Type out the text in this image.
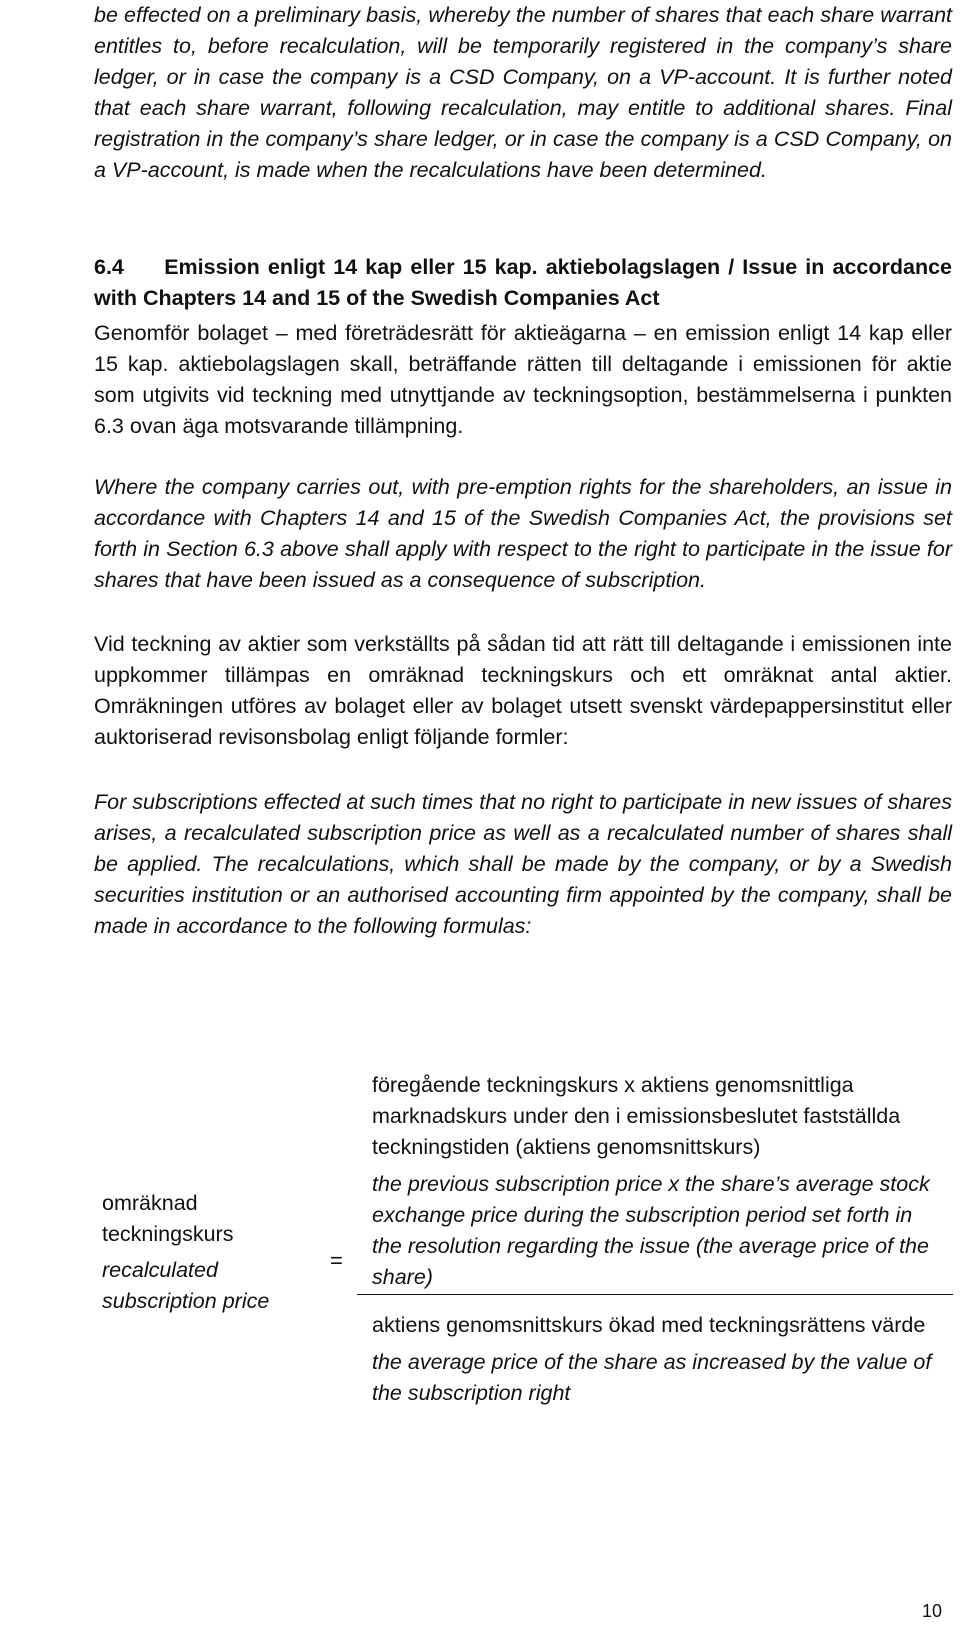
be effected on a preliminary basis, whereby the number of shares that each share warrant entitles to, before recalculation, will be temporarily registered in the company’s share ledger, or in case the company is a CSD Company, on a VP-account. It is further noted that each share warrant, following recalculation, may entitle to additional shares. Final registration in the company’s share ledger, or in case the company is a CSD Company, on a VP-account, is made when the recalculations have been determined.

6.4 Emission enligt 14 kap eller 15 kap. aktiebolagslagen / Issue in accordance with Chapters 14 and 15 of the Swedish Companies Act

Genomför bolaget – med företrädesrätt för aktieägarna – en emission enligt 14 kap eller 15 kap. aktiebolagslagen skall, beträffande rätten till deltagande i emissionen för aktie som utgivits vid teckning med utnyttjande av teckningsoption, bestämmelserna i punkten 6.3 ovan äga motsvarande tillämpning.

Where the company carries out, with pre-emption rights for the shareholders, an issue in accordance with Chapters 14 and 15 of the Swedish Companies Act, the provisions set forth in Section 6.3 above shall apply with respect to the right to participate in the issue for shares that have been issued as a consequence of subscription.

Vid teckning av aktier som verkställts på sådan tid att rätt till deltagande i emissionen inte uppkommer tillämpas en omräknad teckningskurs och ett omräknat antal aktier. Omräkningen utföres av bolaget eller av bolaget utsett svenskt värdepappersinstitut eller auktoriserad revisonsbolag enligt följande formler:

For subscriptions effected at such times that no right to participate in new issues of shares arises, a recalculated subscription price as well as a recalculated number of shares shall be applied. The recalculations, which shall be made by the company, or by a Swedish securities institution or an authorised accounting firm appointed by the company, shall be made in accordance to the following formulas:

omräknad teckningskurs
recalculated subscription price
=
föregående teckningskurs x aktiens genomsnittliga marknadskurs under den i emissionsbeslutet fastställda teckningstiden (aktiens genomsnittskurs)
the previous subscription price x the share’s average stock exchange price during the subscription period set forth in the resolution regarding the issue (the average price of the share)
aktiens genomsnittskurs ökad med teckningsrättens värde
the average price of the share as increased by the value of the subscription right
10
